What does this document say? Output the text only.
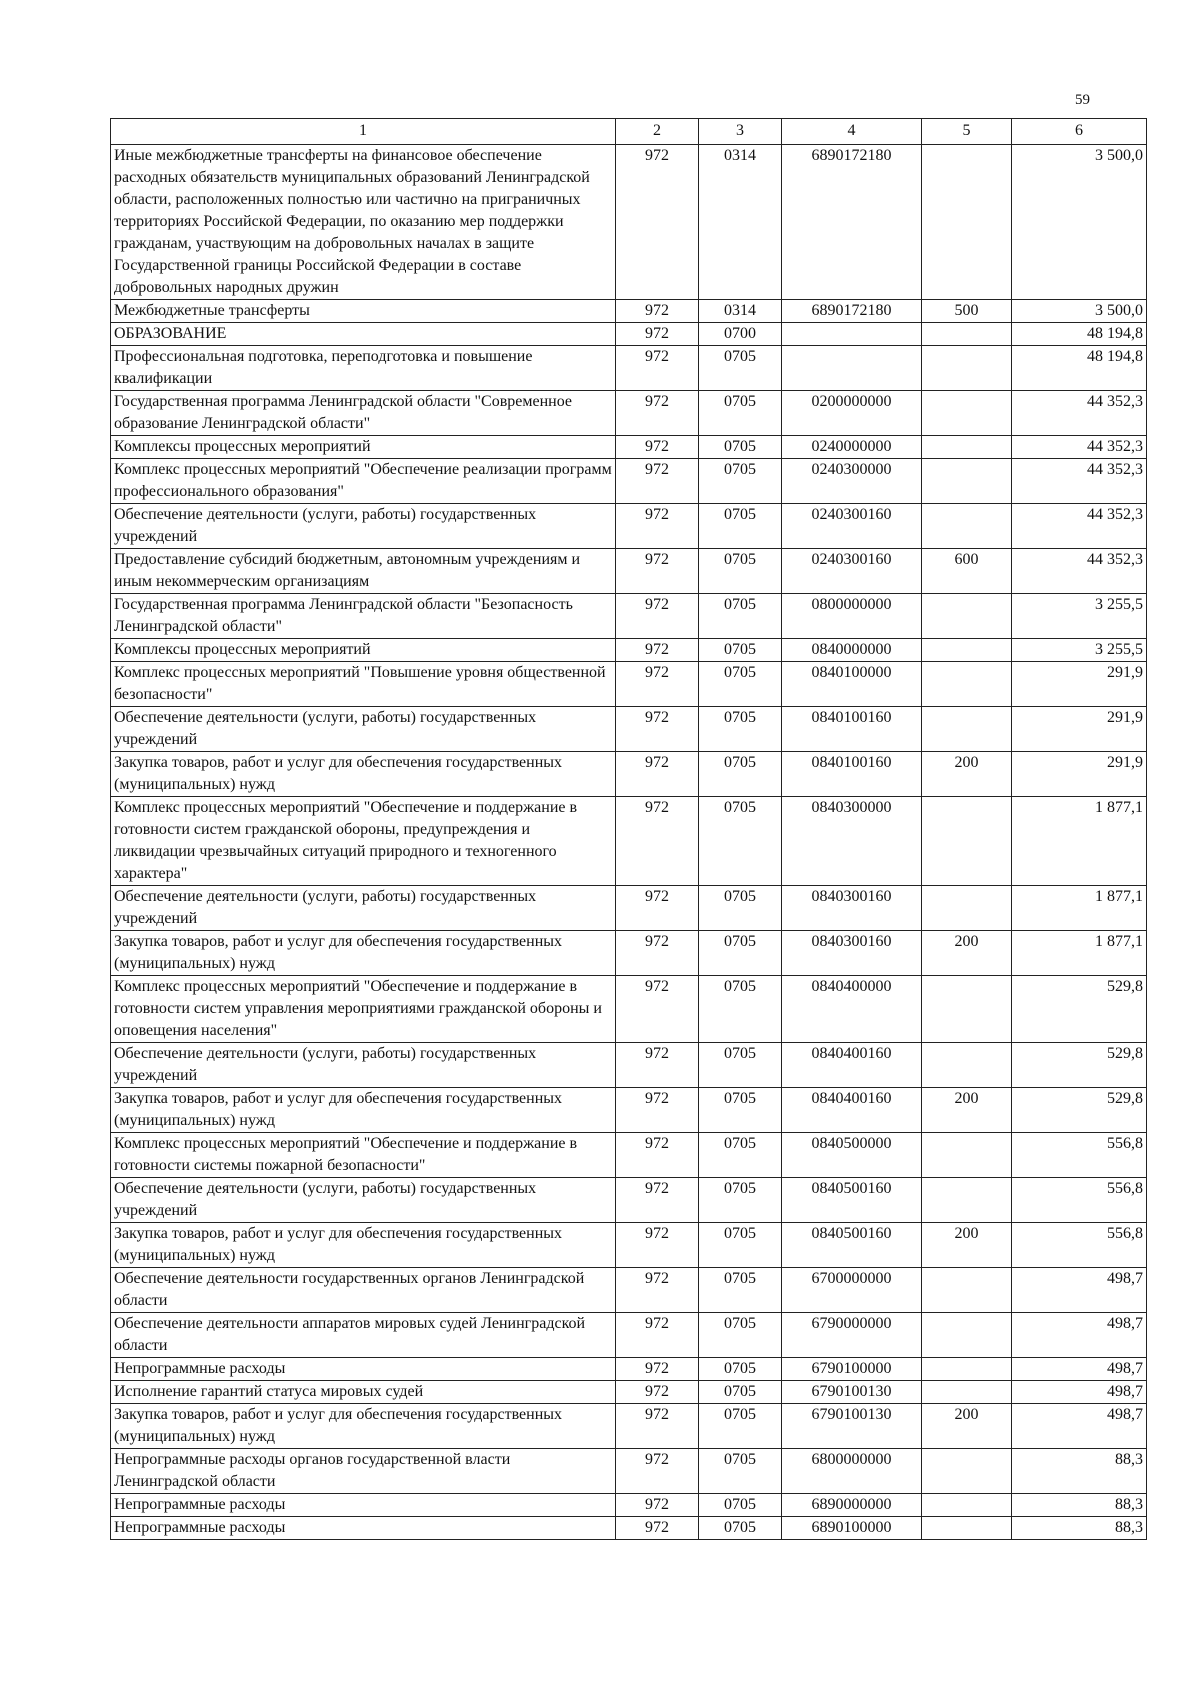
59
1	2	3	4	5	6
Иные межбюджетные трансферты на финансовое обеспечение расходных обязательств муниципальных образований Ленинградской области, расположенных полностью или частично на приграничных территориях Российской Федерации, по оказанию мер поддержки гражданам, участвующим на добровольных началах в защите Государственной границы Российской Федерации в составе добровольных народных дружин	972	0314	6890172180		3 500,0
Межбюджетные трансферты	972	0314	6890172180	500	3 500,0
ОБРАЗОВАНИЕ	972	0700			48 194,8
Профессиональная подготовка, переподготовка и повышение квалификации	972	0705			48 194,8
Государственная программа Ленинградской области "Современное образование Ленинградской области"	972	0705	0200000000		44 352,3
Комплексы процессных мероприятий	972	0705	0240000000		44 352,3
Комплекс процессных мероприятий "Обеспечение реализации программ профессионального образования"	972	0705	0240300000		44 352,3
Обеспечение деятельности (услуги, работы) государственных учреждений	972	0705	0240300160		44 352,3
Предоставление субсидий бюджетным, автономным учреждениям и иным некоммерческим организациям	972	0705	0240300160	600	44 352,3
Государственная программа Ленинградской области "Безопасность Ленинградской области"	972	0705	0800000000		3 255,5
Комплексы процессных мероприятий	972	0705	0840000000		3 255,5
Комплекс процессных мероприятий "Повышение уровня общественной безопасности"	972	0705	0840100000		291,9
Обеспечение деятельности (услуги, работы) государственных учреждений	972	0705	0840100160		291,9
Закупка товаров, работ и услуг для обеспечения государственных (муниципальных) нужд	972	0705	0840100160	200	291,9
Комплекс процессных мероприятий "Обеспечение и поддержание в готовности систем гражданской обороны, предупреждения и ликвидации чрезвычайных ситуаций природного и техногенного характера"	972	0705	0840300000		1 877,1
Обеспечение деятельности (услуги, работы) государственных учреждений	972	0705	0840300160		1 877,1
Закупка товаров, работ и услуг для обеспечения государственных (муниципальных) нужд	972	0705	0840300160	200	1 877,1
Комплекс процессных мероприятий "Обеспечение и поддержание в готовности систем управления мероприятиями гражданской обороны и оповещения населения"	972	0705	0840400000		529,8
Обеспечение деятельности (услуги, работы) государственных учреждений	972	0705	0840400160		529,8
Закупка товаров, работ и услуг для обеспечения государственных (муниципальных) нужд	972	0705	0840400160	200	529,8
Комплекс процессных мероприятий "Обеспечение и поддержание в готовности системы пожарной безопасности"	972	0705	0840500000		556,8
Обеспечение деятельности (услуги, работы) государственных учреждений	972	0705	0840500160		556,8
Закупка товаров, работ и услуг для обеспечения государственных (муниципальных) нужд	972	0705	0840500160	200	556,8
Обеспечение деятельности государственных органов Ленинградской области	972	0705	6700000000		498,7
Обеспечение деятельности аппаратов мировых судей Ленинградской области	972	0705	6790000000		498,7
Непрограммные расходы	972	0705	6790100000		498,7
Исполнение гарантий статуса мировых судей	972	0705	6790100130		498,7
Закупка товаров, работ и услуг для обеспечения государственных (муниципальных) нужд	972	0705	6790100130	200	498,7
Непрограммные расходы органов государственной власти Ленинградской области	972	0705	6800000000		88,3
Непрограммные расходы	972	0705	6890000000		88,3
Непрограммные расходы	972	0705	6890100000		88,3
